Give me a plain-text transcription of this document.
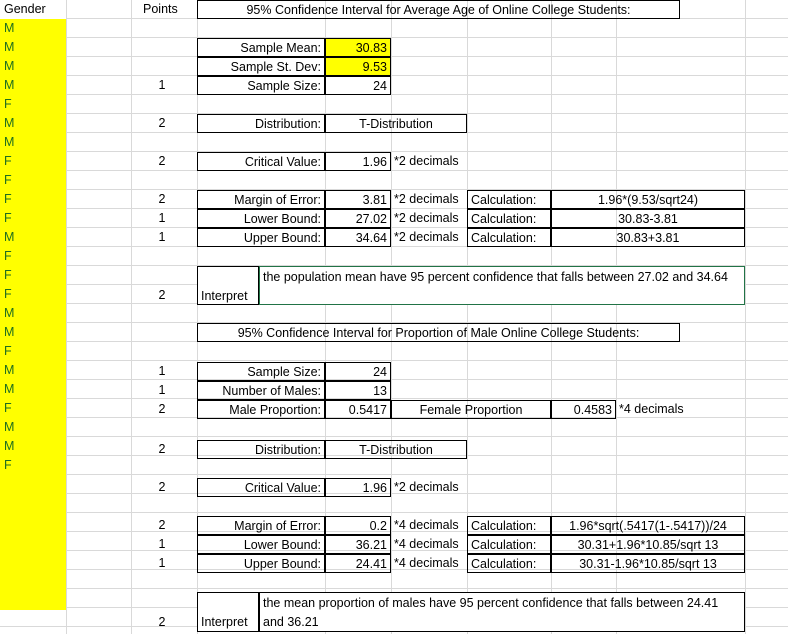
Gender
M
M
M
M
F
M
M
F
F
F
F
M
F
F
F
M
M
F
M
M
F
M
M
F
Points	95% Confidence Interval for Average Age of Online College Students:
Sample Mean:	30.83
Sample St. Dev:	9.53
1	Sample Size:	24
2	Distribution:	T-Distribution
2	Critical Value:	1.96 *2 decimals
2	Margin of Error:	3.81 *2 decimals Calculation:	1.96*(9.53/sqrt24)
1	Lower Bound:	27.02 *2 decimals Calculation:	30.83-3.81
1	Upper Bound:	34.64 *2 decimals Calculation:	30.83+3.81
2	Interpret
the population mean have 95 percent confidence that falls between 27.02 and 34.64
95% Confidence Interval for Proportion of Male Online College Students:
1	Sample Size:	24
1	Number of Males:	13
2	Male Proportion:	0.5417	Female Proportion	0.4583 *4 decimals
2	Distribution:	T-Distribution
2	Critical Value:	1.96 *2 decimals
2	Margin of Error:	0.2 *4 decimals Calculation:	1.96*sqrt(.5417(1-.5417))/24
1	Lower Bound:	36.21 *4 decimals Calculation:	30.31+1.96*10.85/sqrt 13
1	Upper Bound:	24.41 *4 decimals Calculation:	30.31-1.96*10.85/sqrt 13
2	Interpret
the mean proportion of males have 95 percent confidence that falls between 24.41 and 36.21
